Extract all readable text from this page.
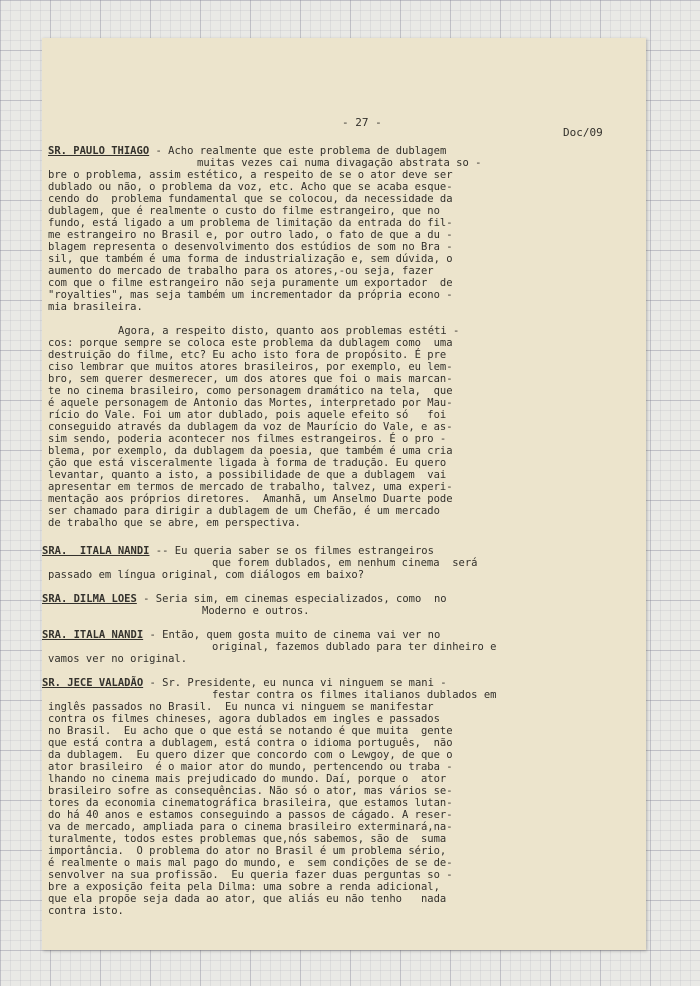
- 27 -
Doc/09
SR. PAULO THIAGO - Acho realmente que este problema de dublagem
muitas vezes cai numa divagação abstrata so -
bre o problema, assim estético, a respeito de se o ator deve ser
dublado ou não, o problema da voz, etc. Acho que se acaba esque-
cendo do  problema fundamental que se colocou, da necessidade da
dublagem, que é realmente o custo do filme estrangeiro, que no
fundo, está ligado a um problema de limitação da entrada do fil-
me estrangeiro no Brasil e, por outro lado, o fato de que a du -
blagem representa o desenvolvimento dos estúdios de som no Bra -
sil, que também é uma forma de industrialização e, sem dúvida, o
aumento do mercado de trabalho para os atores,-ou seja, fazer
com que o filme estrangeiro não seja puramente um exportador  de
"royalties", mas seja também um incrementador da própria econo -
mia brasileira.
Agora, a respeito disto, quanto aos problemas estéti -
cos: porque sempre se coloca este problema da dublagem como  uma
destruição do filme, etc? Eu acho isto fora de propósito. É pre
ciso lembrar que muitos atores brasileiros, por exemplo, eu lem-
bro, sem querer desmerecer, um dos atores que foi o mais marcan-
te no cinema brasileiro, como personagem dramático na tela,  que
é aquele personagem de Antonio das Mortes, interpretado por Mau-
rício do Vale. Foi um ator dublado, pois aquele efeito só   foi
conseguido através da dublagem da voz de Maurício do Vale, e as-
sim sendo, poderia acontecer nos filmes estrangeiros. É o pro -
blema, por exemplo, da dublagem da poesia, que também é uma cria
ção que está visceralmente ligada à forma de tradução. Eu quero
levantar, quanto a isto, a possibilidade de que a dublagem  vai
apresentar em termos de mercado de trabalho, talvez, uma experi-
mentação aos próprios diretores.  Amanhã, um Anselmo Duarte pode
ser chamado para dirigir a dublagem de um Chefão, é um mercado
de trabalho que se abre, em perspectiva.
SRA.  ITALA NANDI -- Eu queria saber se os filmes estrangeiros
que forem dublados, em nenhum cinema  será
passado em língua original, com diálogos em baixo?
SRA. DILMA LOES - Seria sim, em cinemas especializados, como  no
Moderno e outros.
SRA. ITALA NANDI - Então, quem gosta muito de cinema vai ver no
original, fazemos dublado para ter dinheiro e
vamos ver no original.
SR. JECE VALADÃO - Sr. Presidente, eu nunca vi ninguem se mani -
festar contra os filmes italianos dublados em
inglês passados no Brasil.  Eu nunca vi ninguem se manifestar
contra os filmes chineses, agora dublados em ingles e passados
no Brasil.  Eu acho que o que está se notando é que muita  gente
que está contra a dublagem, está contra o idioma português,  não
da dublagem.  Eu quero dizer que concordo com o Lewgoy, de que o
ator brasileiro  é o maior ator do mundo, pertencendo ou traba -
lhando no cinema mais prejudicado do mundo. Daí, porque o  ator
brasileiro sofre as consequências. Não só o ator, mas vários se-
tores da economia cinematográfica brasileira, que estamos lutan-
do há 40 anos e estamos conseguindo a passos de cágado. A reser-
va de mercado, ampliada para o cinema brasileiro exterminará,na-
turalmente, todos estes problemas que,nós sabemos, são de  suma
importância.  O problema do ator no Brasil é um problema sério,
é realmente o mais mal pago do mundo, e  sem condições de se de-
senvolver na sua profissão.  Eu queria fazer duas perguntas so -
bre a exposição feita pela Dilma: uma sobre a renda adicional,
que ela propõe seja dada ao ator, que aliás eu não tenho   nada
contra isto.
